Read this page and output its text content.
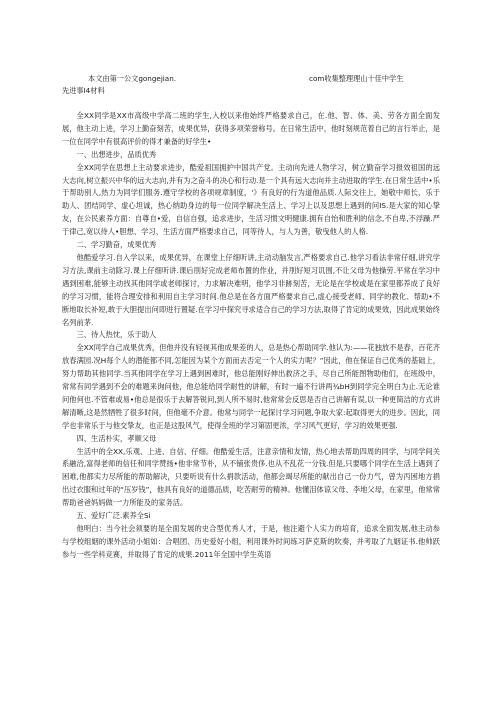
本文由第一公文gongejian.	com收集整理理山十佳中学生
先进事I4材料

全XX同学是XX市高级中学高二班的学生,入校以来他始终严格要求自己，在.他、智、体、美、劳各方面全面发展，他主动上进，学习上勤奋刻苦，成果优异，获得多项荣誉称号。在日常生活中，他时刻规范着自己的言行举止，是一位在同学中有很高评价的得才兼备的好学生•

一、出想进步，品质优秀

全XX同学在思想上主动要求进步，酷爱祖国拥护中国共产党。主动向先进人物学习，树立勤奋学习报效祖国的远大志向,树立振兴中华的远大志向,并有为之奋斗的决心和行动.是一个具有远大志向并主动进取的学生.在日常生活中•乐于帮助别人,热力为同学们服务.遵守学校的各项规章制度，'》有良好的行为道他品质.人际交往上，她敬中师长、乐于助人、团结同学、虚心坦诚，热心纳助身边的每一位同学解决生活上、学习上以及思想上遇到的问IS.是大家的知心挚友，在公民素养方面：自尊自•爱，自信自强，追求进步，生活习惯文明健康.拥有自怡和胜利的信念,不自卑,不浮躁.严于律己,宽以待人•胆想、学习、生活方面严格要求自己，同等待人，与人为善，敬曳他人的人格.

二、学习勤奋，成果优秀

他酷爱学习.自入学以来，成果优异，在课堂上仔细听讲,主动动脑发言,严格要求自己.他学习看法非常仔细,讲究学习方法,课前主动除习.课上仔细听讲.课后刖好完成老师布置的作业，并刖好短习讥围,不让父母为他操劳.平常在学习中遇到困难,能够主动找其他同学或老师探讨，力求解决难明，他学习非跡刻苦，无论是在学校或是在家里都养成了良好的学习习惯，能将合理安排和利用自主学习时间.他总是在各方面严格要求自己,虚心接受老师、同学的教化、帮助•不断地取长补短,敢于大胆提出问即进行置疑.在学习中探究寻求适合自己的学习方法,取得了肯定的成果效，因此成果始终名列前茅.

三、待人热忱，乐于助人

全XX同学自己成果优秀，但他并没有轻视其他成果差的人，总是热心帮助同学.他认为:——花独放不是春，百花齐放春满园.况H每个人的潜能都不同,怎能因为某个方面而去否定一个人的实力呢？”因此，他在保证自己优秀的基础上，努力帮助其他同学.当其他同学在学习上遇到困难时，他总能刚好伸出救济之手，尽自己所能图物助他们，在班级中，常常有同学遇到不会的难题来询问他，他总能给同学耐性的讲解，有时一遍不行讲两¾bH到同学完全明白为止.无论谁问他何也.不管难或易•他总是很乐于去解答锐问,到人所不易时,他常常会反思是否自己讲解有误,以一种更简洁的方式讲解清晰,这是然牺牲了很多时间，但他毫不介意。他常与同学一起探讨学习问题,争取大家:起取得更大的进步。因此，同学也非常乐于与他交挚友，也正是这股风气，使得全班的学习第固更浓，学习风气更好，学习的效果更强.

四、生活朴实，孝顺父母

生活中的全XX,乐观、上进、自信、仔细。他酷爱生活，注意亲情和友情，热心地去帮助四周的同学，与同学间关系融洽,富得老师的信任和同学赞扬•他非常节朴，从不铺张贵侈.也从不乱花一分钱.但是,只要哪个同学在生活上遇到了困难,他都实力尽所能的帮助解决，只要听说有什么捐款活动，他都会竭尽所能的献出自己一份力气，曾为丙困地方捐出过衣服和过年的“压岁钱”，他具有良好的道德品质，吃苦耐劳的精神。他懂泪体谅父母、李地父母，在家里，他常常帮助爸爸妈妈做一'力所能及的家务活。

五、爱好广泛.素养全Si

他明白：当今社会须要的是全面发展的史合型优秀人才，于是，他注避个人实力的培育，追求全面发展,他主动参与学校组姻的课外活动小姐如：合唱团、历史爱好小组，利用课外时间练习萨克斯的吹奏，并考取了九姻证书.他帅跃参与一些学科竞赛，并取得了肯定的成果.2011年全国中学生英语
